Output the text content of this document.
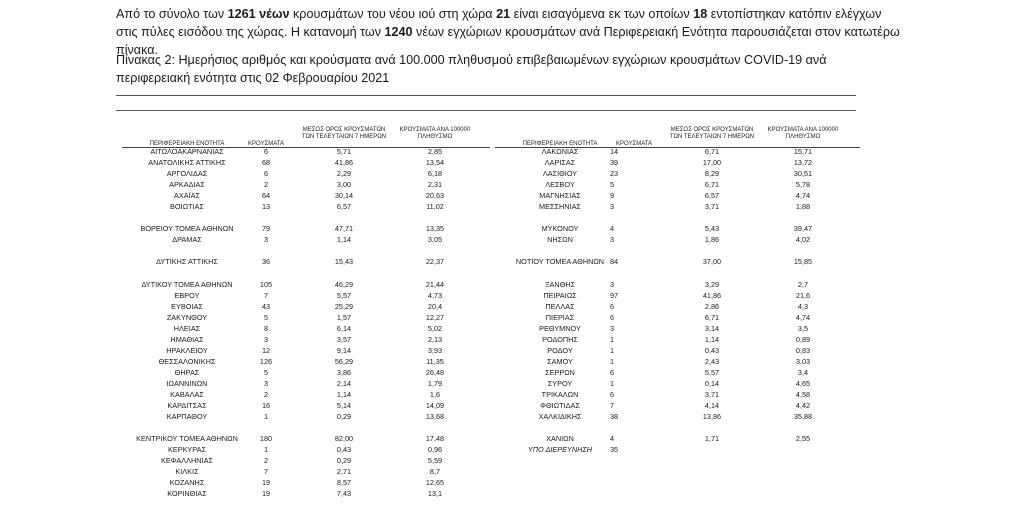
Από το σύνολο των 1261 νέων κρουσμάτων του νέου ιού στη χώρα 21 είναι εισαγόμενα εκ των οποίων 18 εντοπίστηκαν κατόπιν ελέγχων στις πύλες εισόδου της χώρας. Η κατανομή των 1240 νέων εγχώριων κρουσμάτων ανά Περιφερειακή Ενότητα παρουσιάζεται στον κατωτέρω πίνακα.
Πίνακας 2: Ημερήσιος αριθμός και κρούσματα ανά 100.000 πληθυσμού επιβεβαιωμένων εγχώριων κρουσμάτων COVID-19 ανά περιφερειακή ενότητα στις 02 Φεβρουαρίου 2021
ΠΕΡΙΦΕΡΕΙΑΚΗ ΕΝΟΤΗΤΑ	ΚΡΟΥΣΜΑΤΑ
ΜΕΣΟΣ ΟΡΟΣ ΚΡΟΥΣΜΑΤΩΝ
ΤΩΝ ΤΕΛΕΥΤΑΙΩΝ 7 ΗΜΕΡΩΝ
ΚΡΟΥΣΜΑΤΑ ΑΝΑ 100000
ΠΛΗΘΥΣΜΟ
ΠΕΡΙΦΕΡΕΙΑΚΗ ΕΝΟΤΗΤΑ	ΚΡΟΥΣΜΑΤΑ
ΜΕΣΟΣ ΟΡΟΣ ΚΡΟΥΣΜΑΤΩΝ
ΤΩΝ ΤΕΛΕΥΤΑΙΩΝ 7 ΗΜΕΡΩΝ
ΚΡΟΥΣΜΑΤΑ ΑΝΑ 100000
ΠΛΗΘΥΣΜΟ
ΑΙΤΩΛΟΑΚΑΡΝΑΝΙΑΣ	6	5,71	2,85
ΑΝΑΤΟΛΙΚΗΣ ΑΤΤΙΚΗΣ	68	41,86	13,54
ΑΡΓΟΛΙΔΑΣ	6	2,29	6,18
ΑΡΚΑΔΙΑΣ	2	3,00	2,31
ΑΧΑΪΑΣ	64	30,14	20,63
ΒΟΙΩΤΙΑΣ	13	6,57	11,02
ΒΟΡΕΙΟΥ ΤΟΜΕΑ ΑΘΗΝΩΝ	79	47,71	13,35
ΔΡΑΜΑΣ	3	1,14	3,05
ΔΥΤΙΚΗΣ ΑΤΤΙΚΗΣ	36	15,43	22,37
ΔΥΤΙΚΟΥ ΤΟΜΕΑ ΑΘΗΝΩΝ	105	46,29	21,44
ΕΒΡΟΥ	7	5,57	4,73
ΕΥΒΟΙΑΣ	43	25,29	20,4
ΖΑΚΥΝΘΟΥ	5	1,57	12,27
ΗΛΕΙΑΣ	8	6,14	5,02
ΗΜΑΘΙΑΣ	3	3,57	2,13
ΗΡΑΚΛΕΙΟΥ	12	9,14	3,93
ΘΕΣΣΑΛΟΝΙΚΗΣ	126	56,29	11,35
ΘΗΡΑΣ	5	3,86	26,48
ΙΩΑΝΝΙΝΩΝ	3	2,14	1,79
ΚΑΒΑΛΑΣ	2	1,14	1,6
ΚΑΡΔΙΤΣΑΣ	16	5,14	14,09
ΚΑΡΠΑΘΟΥ	1	0,29	13,68
ΚΕΝΤΡΙΚΟΥ ΤΟΜΕΑ ΑΘΗΝΩΝ	180	82,00	17,48
ΚΕΡΚΥΡΑΣ	1	0,43	0,96
ΚΕΦΑΛΛΗΝΙΑΣ	2	0,29	5,59
ΚΙΛΚΙΣ	7	2,71	8,7
ΚΟΖΑΝΗΣ	19	8,57	12,65
ΚΟΡΙΝΘΙΑΣ	19	7,43	13,1
ΛΑΚΩΝΙΑΣ	14	6,71	15,71
ΛΑΡΙΣΑΣ	39	17,00	13,72
ΛΑΣΙΘΙΟΥ	23	8,29	30,51
ΛΕΣΒΟΥ	5	6,71	5,78
ΜΑΓΝΗΣΙΑΣ	9	6,57	4,74
ΜΕΣΣΗΝΙΑΣ	3	3,71	1,88
ΜΥΚΟΝΟΥ	4	5,43	39,47
ΝΗΣΩΝ	3	1,86	4,02
ΝΟΤΙΟΥ ΤΟΜΕΑ ΑΘΗΝΩΝ 84	37,00	15,85
ΞΑΝΘΗΣ	3	3,29	2,7
ΠΕΙΡΑΙΩΣ	97	41,86	21,6
ΠΕΛΛΑΣ	6	2,86	4,3
ΠΙΕΡΙΑΣ	6	6,71	4,74
ΡΕΘΥΜΝΟΥ	3	3,14	3,5
ΡΟΔΟΠΗΣ	1	1,14	0,89
ΡΟΔΟΥ	1	0,43	0,83
ΣΑΜΟΥ	1	2,43	3,03
ΣΕΡΡΩΝ	6	5,57	3,4
ΣΥΡΟΥ	1	0,14	4,65
ΤΡΙΚΑΛΩΝ	6	3,71	4,58
ΦΘΙΩΤΙΔΑΣ	7	4,14	4,42
ΧΑΛΚΙΔΙΚΗΣ	38	13,86	35,88
ΧΑΝΙΩΝ	4	1,71	2,55
ΥΠΟ ΔΙΕΡΕΥΝΗΣΗ	35
